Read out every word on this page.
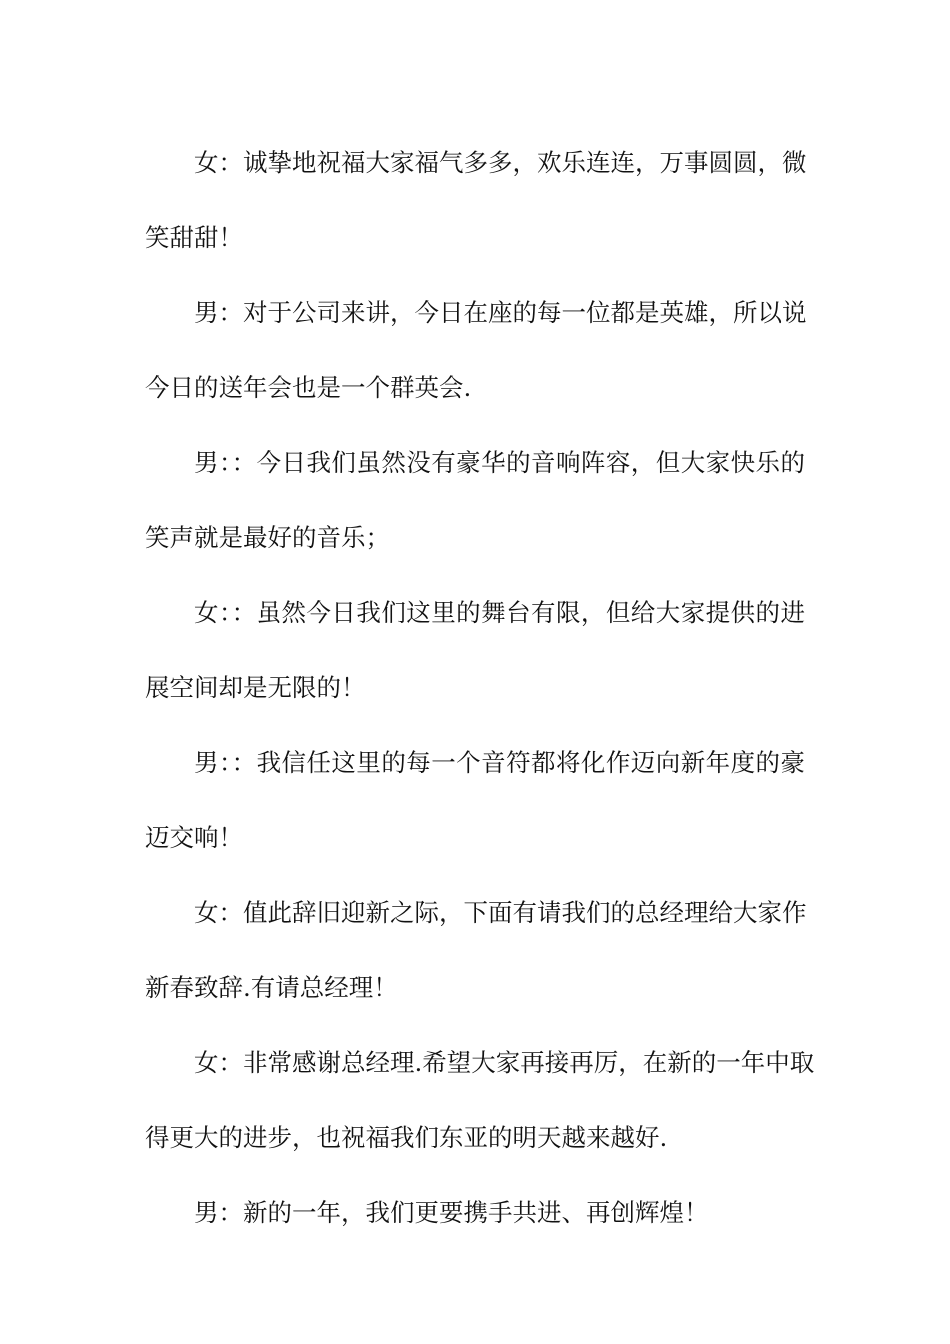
女：诚挚地祝福大家福气多多，欢乐连连，万事圆圆，微
笑甜甜！

男：对于公司来讲，今日在座的每一位都是英雄，所以说
今日的送年会也是一个群英会.

男：：今日我们虽然没有豪华的音响阵容，但大家快乐的
笑声就是最好的音乐；

女：：虽然今日我们这里的舞台有限，但给大家提供的进
展空间却是无限的！

男：：我信任这里的每一个音符都将化作迈向新年度的豪
迈交响！

女：值此辞旧迎新之际，下面有请我们的总经理给大家作
新春致辞.有请总经理！

女：非常感谢总经理.希望大家再接再厉，在新的一年中取
得更大的进步，也祝福我们东亚的明天越来越好.

男：新的一年，我们更要携手共进、再创辉煌！
